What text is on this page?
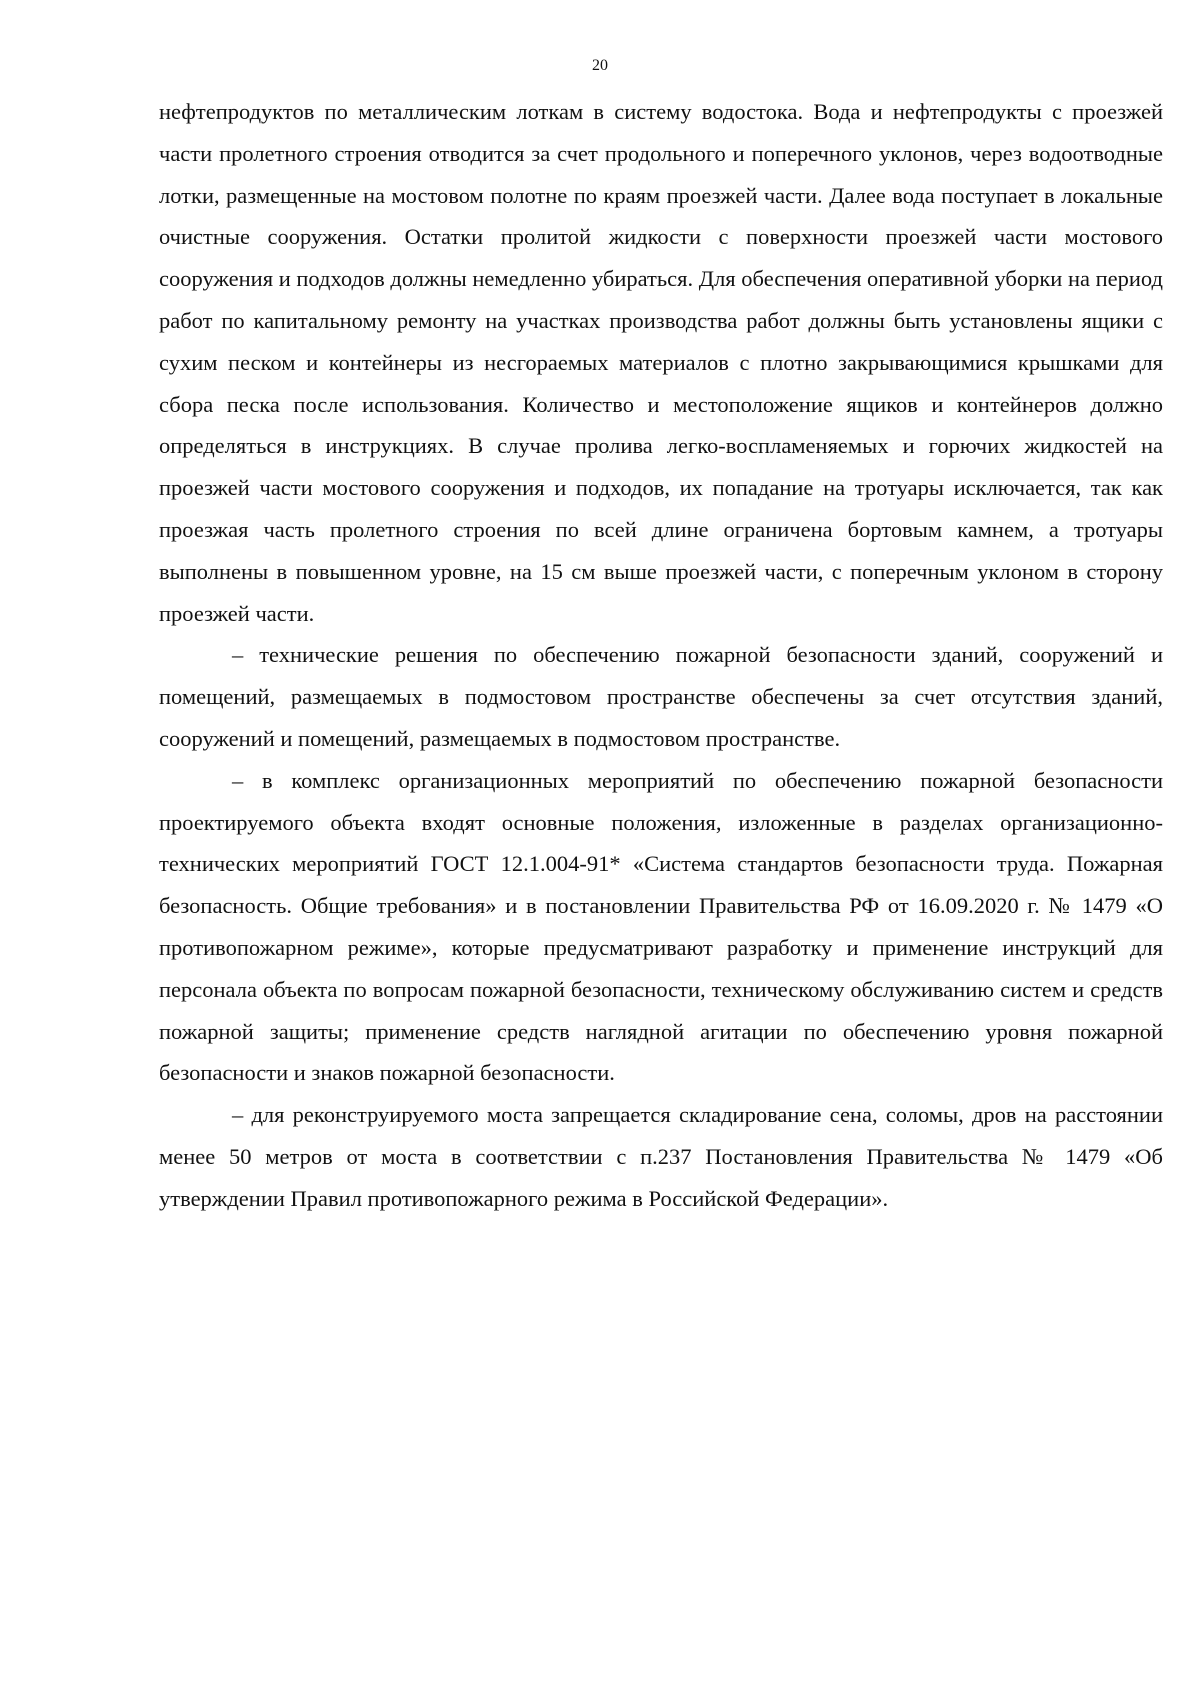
20

нефтепродуктов по металлическим лоткам в систему водостока. Вода и нефтепродукты с проезжей части пролетного строения отводится за счет продольного и поперечного уклонов, через водоотводные лотки, размещенные на мостовом полотне по краям проезжей части. Далее вода поступает в локальные очистные сооружения. Остатки пролитой жидкости с поверхности проезжей части мостового сооружения и подходов должны немедленно убираться. Для обеспечения оперативной уборки на период работ по капитальному ремонту на участках производства работ должны быть установлены ящики с сухим песком и контейнеры из несгораемых материалов с плотно закрывающимися крышками для сбора песка после использования. Количество и местоположение ящиков и контейнеров должно определяться в инструкциях. В случае пролива легко-воспламеняемых и горючих жидкостей на проезжей части мостового сооружения и подходов, их попадание на тротуары исключается, так как проезжая часть пролетного строения по всей длине ограничена бортовым камнем, а тротуары выполнены в повышенном уровне, на 15 см выше проезжей части, с поперечным уклоном в сторону проезжей части.

– технические решения по обеспечению пожарной безопасности зданий, сооружений и помещений, размещаемых в подмостовом пространстве обеспечены за счет отсутствия зданий, сооружений и помещений, размещаемых в подмостовом пространстве.

– в комплекс организационных мероприятий по обеспечению пожарной безопасности проектируемого объекта входят основные положения, изложенные в разделах организационно-технических мероприятий ГОСТ 12.1.004-91* «Система стандартов безопасности труда. Пожарная безопасность. Общие требования» и в постановлении Правительства РФ от 16.09.2020 г. № 1479 «О противопожарном режиме», которые предусматривают разработку и применение инструкций для персонала объекта по вопросам пожарной безопасности, техническому обслуживанию систем и средств пожарной защиты; применение средств наглядной агитации по обеспечению уровня пожарной безопасности и знаков пожарной безопасности.

– для реконструируемого моста запрещается складирование сена, соломы, дров на расстоянии менее 50 метров от моста в соответствии с п.237 Постановления Правительства № 1479 «Об утверждении Правил противопожарного режима в Российской Федерации».
